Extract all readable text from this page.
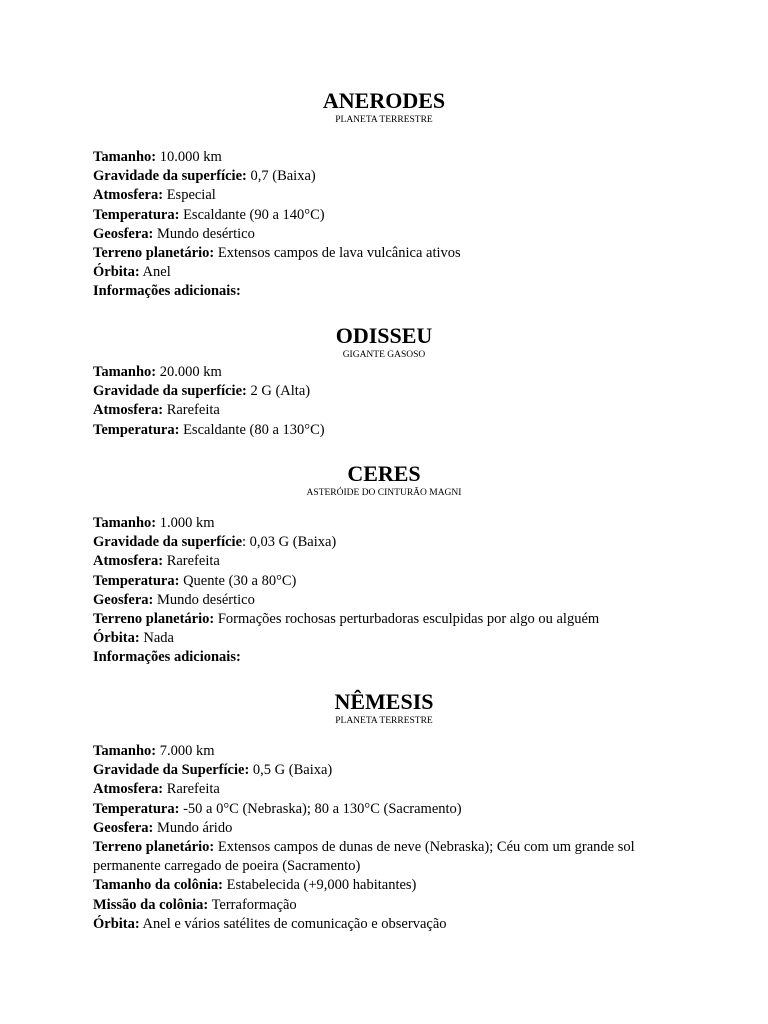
ANERODES
PLANETA TERRESTRE
Tamanho: 10.000 km
Gravidade da superfície: 0,7 (Baixa)
Atmosfera: Especial
Temperatura: Escaldante (90 a 140°C)
Geosfera: Mundo desértico
Terreno planetário: Extensos campos de lava vulcânica ativos
Órbita: Anel
Informações adicionais:
ODISSEU
GIGANTE GASOSO
Tamanho: 20.000 km
Gravidade da superfície: 2 G (Alta)
Atmosfera: Rarefeita
Temperatura: Escaldante (80 a 130°C)
CERES
ASTERÓIDE DO CINTURÃO MAGNI
Tamanho: 1.000 km
Gravidade da superfície: 0,03 G (Baixa)
Atmosfera: Rarefeita
Temperatura: Quente (30 a 80°C)
Geosfera: Mundo desértico
Terreno planetário: Formações rochosas perturbadoras esculpidas por algo ou alguém
Órbita: Nada
Informações adicionais:
NÊMESIS
PLANETA TERRESTRE
Tamanho: 7.000 km
Gravidade da Superfície: 0,5 G (Baixa)
Atmosfera: Rarefeita
Temperatura: -50 a 0°C (Nebraska); 80 a 130°C (Sacramento)
Geosfera: Mundo árido
Terreno planetário: Extensos campos de dunas de neve (Nebraska); Céu com um grande sol permanente carregado de poeira (Sacramento)
Tamanho da colônia: Estabelecida (+9,000 habitantes)
Missão da colônia: Terraformação
Órbita: Anel e vários satélites de comunicação e observação
